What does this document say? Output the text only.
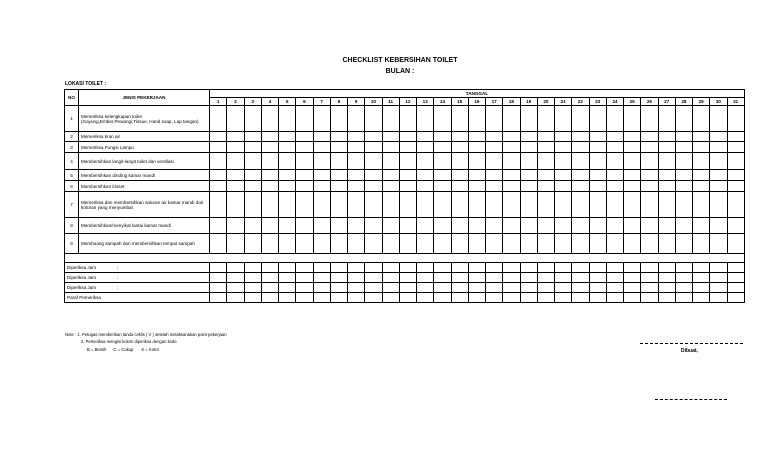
CHECKLIST KEBERSIHAN TOILET
BULAN :
LOKASI TOILET :
NO	JENIS PEKERJAAN	TANGGAL																														
		1	2	3	4	5	6	7	8	9	10	11	12	13	14	15	16	17	18	19	20	21	22	23	24	25	26	27	28	29	30	31
1	Memeriksa kelengkapan toilet (Gayung,Ember,Pewangi,Tissue, Hand soap, Lap tangan)																															
2	Memeriksa kran air																															
3	Memeriksa Fungsi Lampu																															
4	Membersihkan langit-langit toilet dan ventilasi																															
5	Membersihkan dinding kamar mandi																															
6	Membersihkan kloset																															
7	Memeriksa dan membersihkan saluran air kamar mandi dari kotoran yang menyumbat																															
8	Membersihkan/menyikat lantai kamar mandi																															
9	Membuang sampah dan membersihkan tempat sampah																															

Diperiksa Jam :																																

Diperiksa Jam :																																

Diperiksa Jam :																																

Paraf Pemeriksa	

Note : 1. Petugas memberikan tanda ceklis ( V ) setelah melaksanakan point pekerjaan
2. Pemeriksa mengisi kolom diperiksa dengan kode
B = Bersih      C = Cukup       K = Kotor	Dibuat,
